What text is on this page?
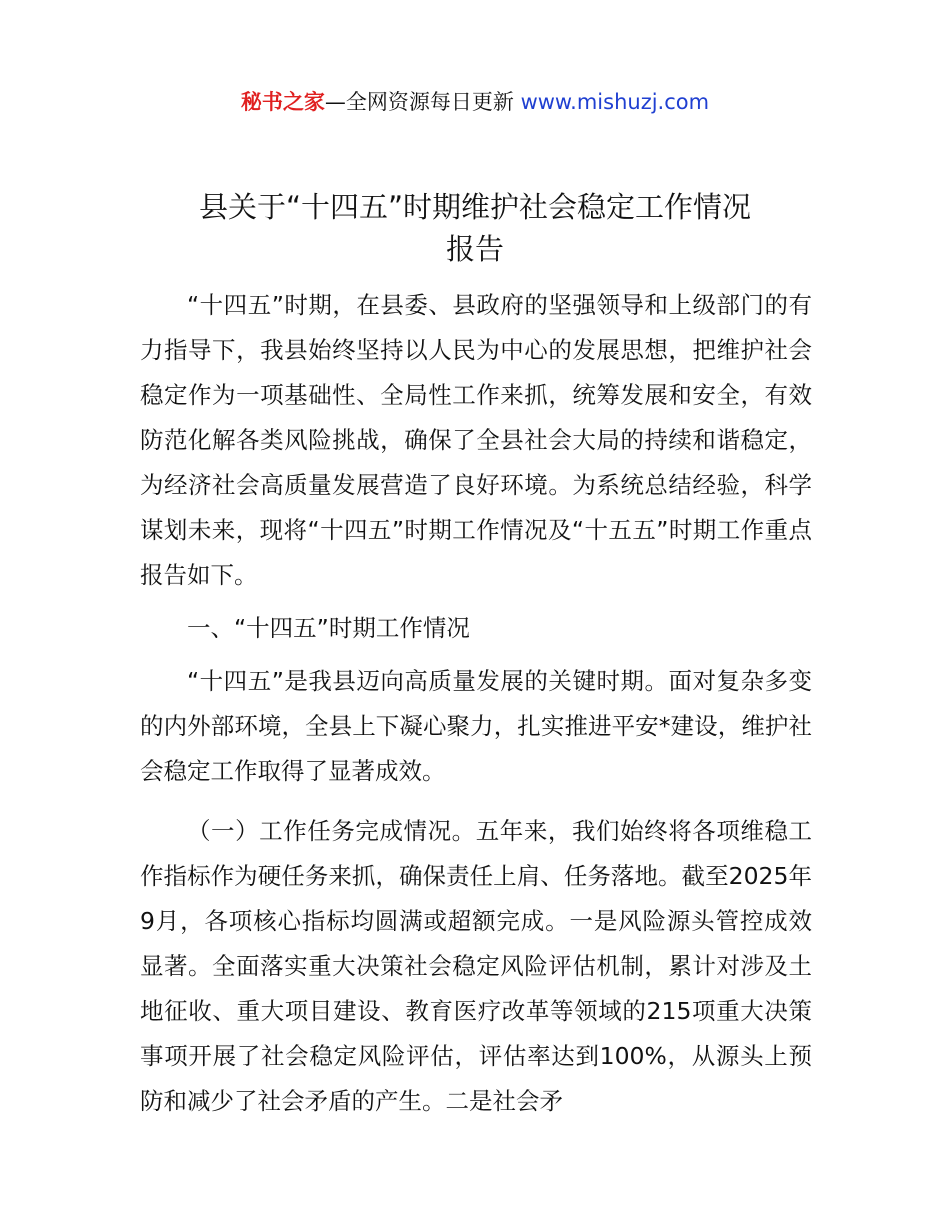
秘书之家—全网资源每日更新 www.mishuzj.com
县关于“十四五”时期维护社会稳定工作情况
报告

“十四五”时期，在县委、县政府的坚强领导和上级部门的有力指导下，我县始终坚持以人民为中心的发展思想，把维护社会稳定作为一项基础性、全局性工作来抓，统筹发展和安全，有效防范化解各类风险挑战，确保了全县社会大局的持续和谐稳定，为经济社会高质量发展营造了良好环境。为系统总结经验，科学谋划未来，现将“十四五”时期工作情况及“十五五”时期工作重点报告如下。

一、“十四五”时期工作情况

“十四五”是我县迈向高质量发展的关键时期。面对复杂多变的内外部环境，全县上下凝心聚力，扎实推进平安*建设，维护社会稳定工作取得了显著成效。

（一）工作任务完成情况。五年来，我们始终将各项维稳工作指标作为硬任务来抓，确保责任上肩、任务落地。截至2025年9月，各项核心指标均圆满或超额完成。一是风险源头管控成效显著。全面落实重大决策社会稳定风险评估机制，累计对涉及土地征收、重大项目建设、教育医疗改革等领域的215项重大决策事项开展了社会稳定风险评估，评估率达到100%，从源头上预防和减少了社会矛盾的产生。二是社会矛
